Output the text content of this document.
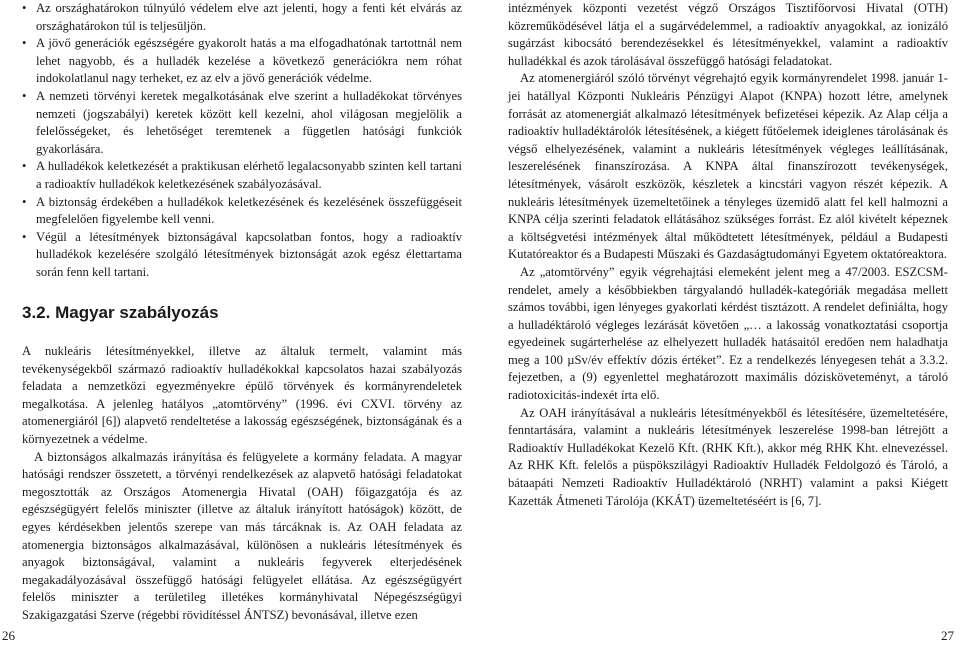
• Az országhatárokon túlnyúló védelem elve azt jelenti, hogy a fenti két elvárás az országhatárokon túl is teljesüljön.
• A jövő generációk egészségére gyakorolt hatás a ma elfogadhatónak tartottnál nem lehet nagyobb, és a hulladék kezelése a következő generációkra nem róhat indokolatlanul nagy terheket, ez az elv a jövő generációk védelme.
• A nemzeti törvényi keretek megalkotásának elve szerint a hulladékokat törvényes nemzeti (jogszabályi) keretek között kell kezelni, ahol világosan megjelölik a felelősségeket, és lehetőséget teremtenek a független hatósági funkciók gyakorlására.
• A hulladékok keletkezését a praktikusan elérhető legalacsonyabb szinten kell tartani a radioaktív hulladékok keletkezésének szabályozásával.
• A biztonság érdekében a hulladékok keletkezésének és kezelésének összefüggéseit megfelelően figyelembe kell venni.
• Végül a létesítmények biztonságával kapcsolatban fontos, hogy a radioaktív hulladékok kezelésére szolgáló létesítmények biztonságát azok egész élettartama során fenn kell tartani.
3.2. Magyar szabályozás

A nukleáris létesítményekkel, illetve az általuk termelt, valamint más tevékenységekből származó radioaktív hulladékokkal kapcsolatos hazai szabályozás feladata a nemzetközi egyezményekre épülő törvények és kormányrendeletek megalkotása. A jelenleg hatályos „atomtörvény” (1996. évi CXVI. törvény az atomenergiáról [6]) alapvető rendeltetése a lakosság egészségének, biztonságának és a környezetnek a védelme.

A biztonságos alkalmazás irányítása és felügyelete a kormány feladata. A magyar hatósági rendszer összetett, a törvényi rendelkezések az alapvető hatósági feladatokat megosztották az Országos Atomenergia Hivatal (OAH) főigazgatója és az egészségügyért felelős miniszter (illetve az általuk irányított hatóságok) között, de egyes kérdésekben jelentős szerepe van más tárcáknak is. Az OAH feladata az atomenergia biztonságos alkalmazásával, különösen a nukleáris létesítmények és anyagok biztonságával, valamint a nukleáris fegyverek elterjedésének megakadályozásával összefüggő hatósági felügyelet ellátása. Az egészségügyért felelős miniszter a területileg illetékes kormányhivatal Népegészségügyi Szakigazgatási Szerve (régebbi rövidítéssel ÁNTSZ) bevonásával, illetve ezen

intézmények központi vezetést végző Országos Tisztifőorvosi Hivatal (OTH) közreműködésével látja el a sugárvédelemmel, a radioaktív anyagokkal, az ionizáló sugárzást kibocsátó berendezésekkel és létesítményekkel, valamint a radioaktív hulladékkal és azok tárolásával összefüggő hatósági feladatokat.

Az atomenergiáról szóló törvényt végrehajtó egyik kormányrendelet 1998. január 1-jei hatállyal Központi Nukleáris Pénzügyi Alapot (KNPA) hozott létre, amelynek forrását az atomenergiát alkalmazó létesítmények befizetései képezik. Az Alap célja a radioaktív hulladéktárolók létesítésének, a kiégett fűtőelemek ideiglenes tárolásának és végső elhelyezésének, valamint a nukleáris létesítmények végleges leállításának, leszerelésének finanszírozása. A KNPA által finanszírozott tevékenységek, létesítmények, vásárolt eszközök, készletek a kincstári vagyon részét képezik. A nukleáris létesítmények üzemeltetőinek a tényleges üzemidő alatt fel kell halmozni a KNPA célja szerinti feladatok ellátásához szükséges forrást. Ez alól kivételt képeznek a költségvetési intézmények által működtetett létesítmények, például a Budapesti Kutatóreaktor és a Budapesti Műszaki és Gazdaságtudományi Egyetem oktatóreaktora.

Az „atomtörvény” egyik végrehajtási elemeként jelent meg a 47/2003. ESZCSM-rendelet, amely a későbbiekben tárgyalandó hulladék-kategóriák megadása mellett számos további, igen lényeges gyakorlati kérdést tisztázott. A rendelet definiálta, hogy a hulladéktároló végleges lezárását követően „… a lakosság vonatkoztatási csoportja egyedeinek sugárterhelése az elhelyezett hulladék hatásaitól eredően nem haladhatja meg a 100 µSv/év effektív dózis értéket”. Ez a rendelkezés lényegesen tehát a 3.3.2. fejezetben, a (9) egyenlettel meghatározott maximális dózisköveteményt, a tároló radiotoxicitás-indexét írta elő.

Az OAH irányításával a nukleáris létesítményekből és létesítésére, üzemeltetésére, fenntartására, valamint a nukleáris létesítmények leszerelése 1998-ban létrejött a Radioaktív Hulladékokat Kezelő Kft. (RHK Kft.), akkor még RHK Kht. elnevezéssel. Az RHK Kft. felelős a püspökszilágyi Radioaktív Hulladék Feldolgozó és Tároló, a bátaapáti Nemzeti Radioaktív Hulladéktároló (NRHT) valamint a paksi Kiégett Kazetták Átmeneti Tárolója (KKÁT) üzemeltetéséért is [6, 7].

26	27
